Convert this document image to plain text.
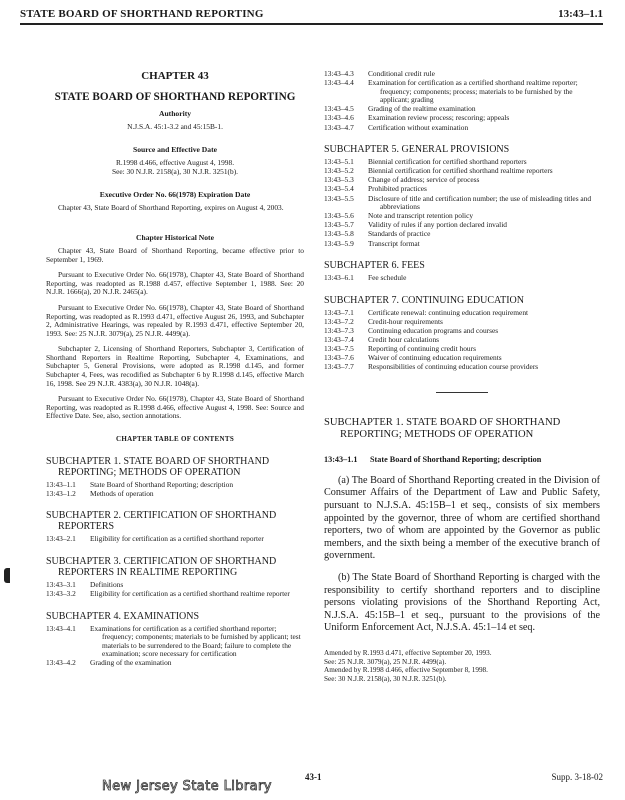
STATE BOARD OF SHORTHAND REPORTING	13:43–1.1
CHAPTER 43
STATE BOARD OF SHORTHAND REPORTING
Authority
N.J.S.A. 45:1-3.2 and 45:15B-1.
Source and Effective Date
R.1998 d.466, effective August 4, 1998.
See: 30 N.J.R. 2158(a), 30 N.J.R. 3251(b).
Executive Order No. 66(1978) Expiration Date

Chapter 43, State Board of Shorthand Reporting, expires on August 4, 2003.

Chapter Historical Note

Chapter 43, State Board of Shorthand Reporting, became effective prior to September 1, 1969.

Pursuant to Executive Order No. 66(1978), Chapter 43, State Board of Shorthand Reporting, was readopted as R.1988 d.457, effective September 1, 1988. See: 20 N.J.R. 1666(a), 20 N.J.R. 2465(a).

Pursuant to Executive Order No. 66(1978), Chapter 43, State Board of Shorthand Reporting, was readopted as R.1993 d.471, effective August 26, 1993, and Subchapter 2, Administrative Hearings, was repealed by R.1993 d.471, effective September 20, 1993. See: 25 N.J.R. 3079(a), 25 N.J.R. 4499(a).

Subchapter 2, Licensing of Shorthand Reporters, Subchapter 3, Certification of Shorthand Reporters in Realtime Reporting, Subchapter 4, Examinations, and Subchapter 5, General Provisions, were adopted as R.1998 d.145, and former Subchapter 4, Fees, was recodified as Subchapter 6 by R.1998 d.145, effective March 16, 1998. See 29 N.J.R. 4383(a), 30 N.J.R. 1048(a).

Pursuant to Executive Order No. 66(1978), Chapter 43, State Board of Shorthand Reporting, was readopted as R.1998 d.466, effective August 4, 1998. See: Source and Effective Date. See, also, section annotations.

CHAPTER TABLE OF CONTENTS
SUBCHAPTER 1. STATE BOARD OF SHORTHAND REPORTING; METHODS OF OPERATION
13:43–1.1	State Board of Shorthand Reporting; description
13:43–1.2	Methods of operation
SUBCHAPTER 2. CERTIFICATION OF SHORTHAND REPORTERS
13:43–2.1	Eligibility for certification as a certified shorthand reporter
SUBCHAPTER 3. CERTIFICATION OF SHORTHAND REPORTERS IN REALTIME REPORTING
13:43–3.1	Definitions
13:43–3.2	Eligibility for certification as a certified shorthand realtime reporter
SUBCHAPTER 4. EXAMINATIONS
13:43–4.1	Examinations for certification as a certified shorthand reporter; frequency; components; materials to be furnished by applicant; test materials to be surrendered to the Board; failure to complete the examination; score necessary for certification
13:43–4.2	Grading of the examination
13:43–4.3	Conditional credit rule
13:43–4.4	Examination for certification as a certified shorthand realtime reporter; frequency; components; process; materials to be furnished by the applicant; grading
13:43–4.5	Grading of the realtime examination
13:43–4.6	Examination review process; rescoring; appeals
13:43–4.7	Certification without examination
SUBCHAPTER 5. GENERAL PROVISIONS
13:43–5.1	Biennial certification for certified shorthand reporters
13:43–5.2	Biennial certification for certified shorthand realtime reporters
13:43–5.3	Change of address; service of process
13:43–5.4	Prohibited practices
13:43–5.5	Disclosure of title and certification number; the use of misleading titles and abbreviations
13:43–5.6	Note and transcript retention policy
13:43–5.7	Validity of rules if any portion declared invalid
13:43–5.8	Standards of practice
13:43–5.9	Transcript format
SUBCHAPTER 6. FEES
13:43–6.1	Fee schedule
SUBCHAPTER 7. CONTINUING EDUCATION
13:43–7.1	Certificate renewal: continuing education requirement
13:43–7.2	Credit-hour requirements
13:43–7.3	Continuing education programs and courses
13:43–7.4	Credit hour calculations
13:43–7.5	Reporting of continuing credit hours
13:43–7.6	Waiver of continuing education requirements
13:43–7.7	Responsibilities of continuing education course providers
SUBCHAPTER 1. STATE BOARD OF SHORTHAND REPORTING; METHODS OF OPERATION
13:43–1.1	State Board of Shorthand Reporting; description

(a) The Board of Shorthand Reporting created in the Division of Consumer Affairs of the Department of Law and Public Safety, pursuant to N.J.S.A. 45:15B–1 et seq., consists of six members appointed by the governor, three of whom are certified shorthand reporters, two of whom are appointed by the Governor as public members, and the sixth being a member of the executive branch of government.

(b) The State Board of Shorthand Reporting is charged with the responsibility to certify shorthand reporters and to discipline persons violating provisions of the Shorthand Reporting Act, N.J.S.A. 45:15B–1 et seq., pursuant to the provisions of the Uniform Enforcement Act, N.J.S.A. 45:1–14 et seq.

Amended by R.1993 d.471, effective September 20, 1993.
See: 25 N.J.R. 3079(a), 25 N.J.R. 4499(a).
Amended by R.1998 d.466, effective September 8, 1998.
See: 30 N.J.R. 2158(a), 30 N.J.R. 3251(b).
New Jersey State Library
43-1	Supp. 3-18-02
